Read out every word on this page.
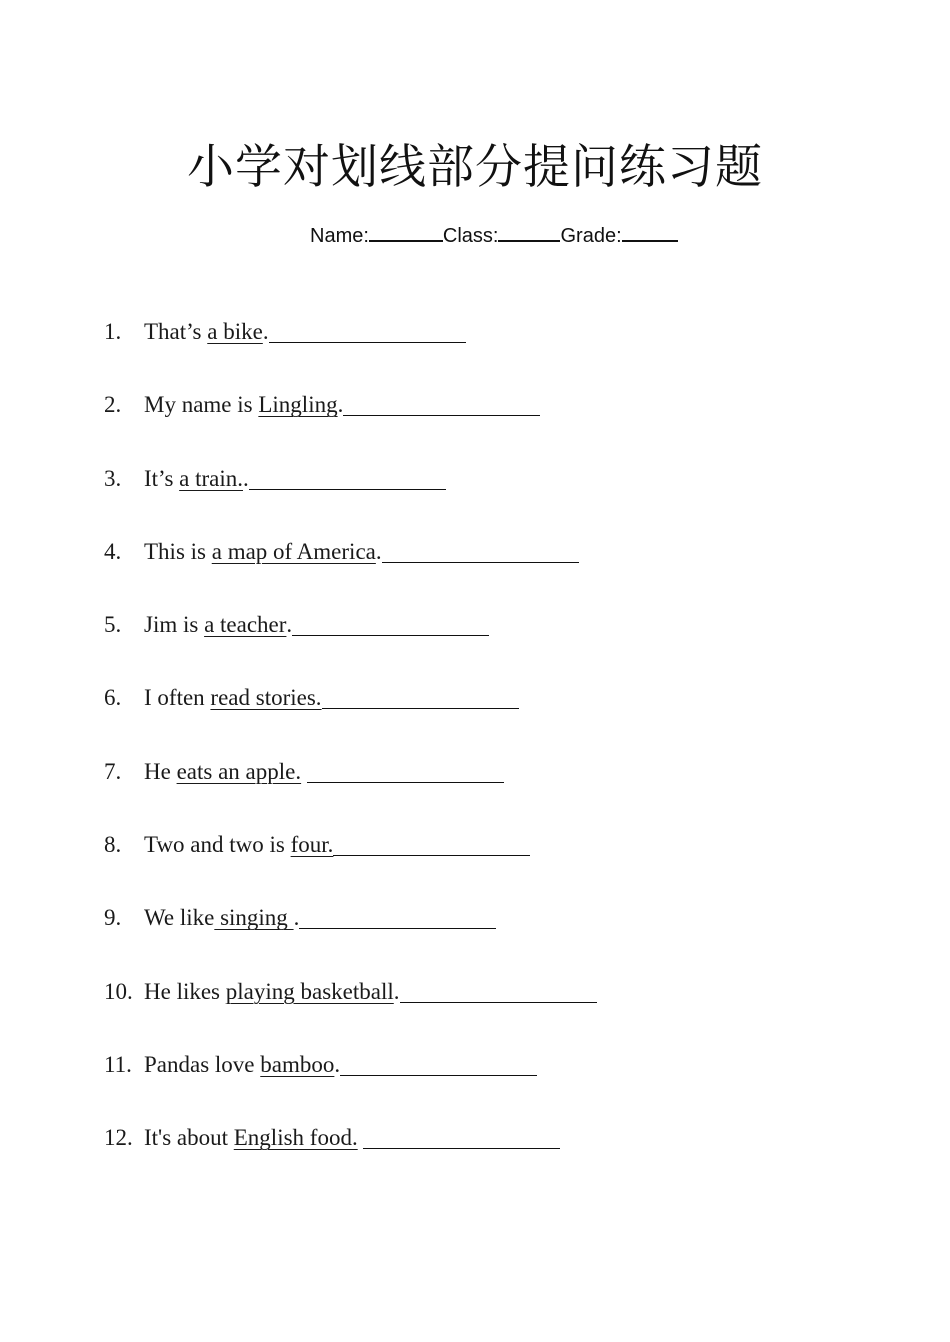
小学对划线部分提问练习题
Name:	Class:	Grade:
1. That’s a bike .
2. My name is Lingling .
3. It’s a train. .
4. This is a map of America .
5. Jim is a teacher .
6. I often read stories.
7. He eats an apple.

8. Two and two is four.
9. We like singing .
10. He likes playing basketball .
11. Pandas love bamboo .
12. It's about English food.
